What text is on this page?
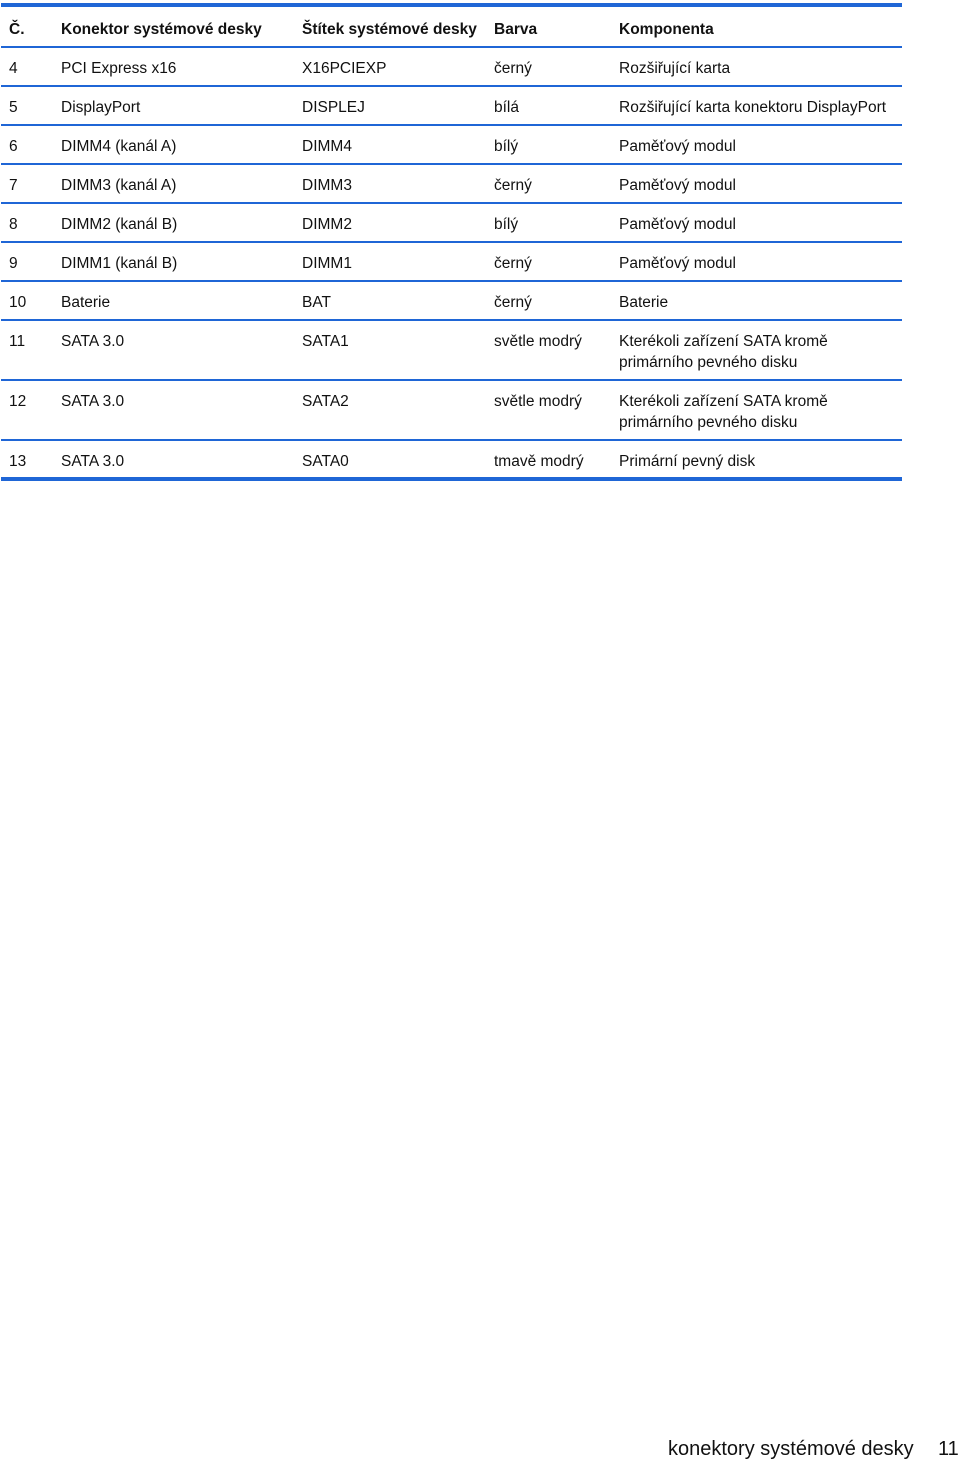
Č.	Konektor systémové desky	Štítek systémové desky	Barva	Komponenta
4	PCI Express x16	X16PCIEXP	černý	Rozšiřující karta
5	DisplayPort	DISPLEJ	bílá	Rozšiřující karta konektoru DisplayPort
6	DIMM4 (kanál A)	DIMM4	bílý	Paměťový modul
7	DIMM3 (kanál A)	DIMM3	černý	Paměťový modul
8	DIMM2 (kanál B)	DIMM2	bílý	Paměťový modul
9	DIMM1 (kanál B)	DIMM1	černý	Paměťový modul
10	Baterie	BAT	černý	Baterie
11	SATA 3.0	SATA1	světle modrý	Kterékoli zařízení SATA kromě primárního pevného disku
12	SATA 3.0	SATA2	světle modrý	Kterékoli zařízení SATA kromě primárního pevného disku
13	SATA 3.0	SATA0	tmavě modrý	Primární pevný disk
konektory systémové desky 11
